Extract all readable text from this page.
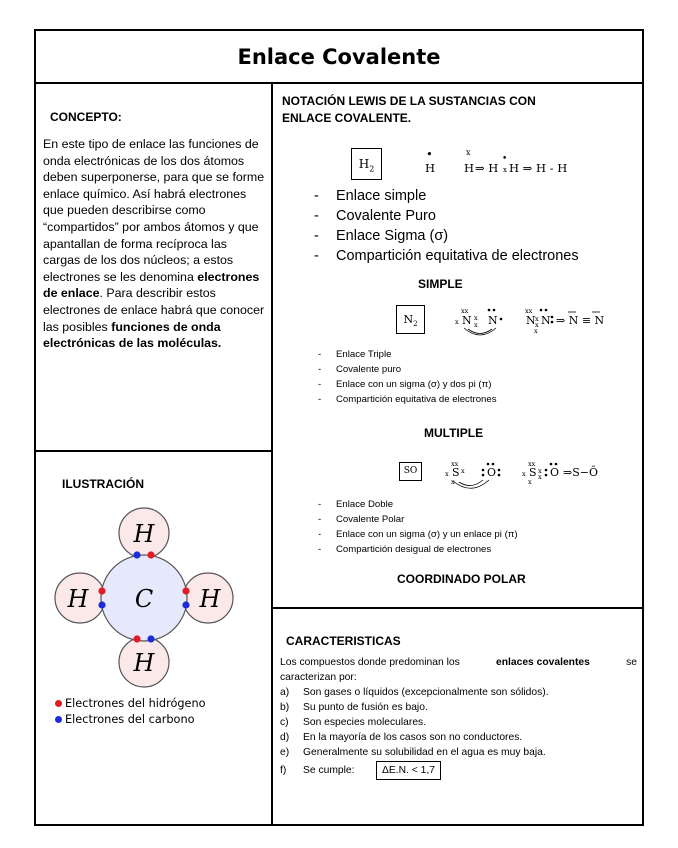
Enlace Covalente
CONCEPTO:
En este tipo de enlace las funciones de
onda electrónicas de los dos átomos
deben superponerse, para que se forme
enlace químico. Así habrá electrones
que pueden describirse como
“compartidos” por ambos átomos y que
apantallan de forma recíproca las
cargas de los dos núcleos; a estos
electrones se les denomina electrones
de enlace. Para describir estos
electrones de enlace habrá que conocer
las posibles funciones de onda
electrónicas de las moléculas.
ILUSTRACIÓN
H
H	H
H
C
Electrones del hidrógeno
Electrones del carbono
NOTACIÓN LEWIS DE LA SUSTANCIAS CON
ENLACE COVALENTE.
$H_2$
•	x
H	H ⇒ H H ⇒ H - H
•
x
- Enlace simple
- Covalente Puro
- Enlace Sigma (σ)
- Compartición equitativa de electrones
SIMPLE
$N_2$	N N	N N
xx
x x
x
xx
x
x
x
⇒ N ≡ N
- Enlace Triple
- Covalente puro
- Enlace con un sigma (σ) y dos pi (π)
- Compartición equitativa de electrones
MULTIPLE
SO	S O	S O
xx
x x
x
xx
x x
x
x
⇒S−Ō
- Enlace Doble
- Covalente Polar
- Enlace con un sigma (σ) y un enlace pi (π)
- Compartición desigual de electrones
COORDINADO POLAR
CARACTERISTICAS
Los compuestos donde predominan los	enlaces covalentes	se
caracterizan por:
a)	Son gases o líquidos (excepcionalmente son sólidos).
b)	Su punto de fusión es bajo.
c)	Son especies moleculares.
d)	En la mayoría de los casos son no conductores.
e)	Generalmente su solubilidad en el agua es muy baja.
f)	Se cumple:	ΔE.N. < 1,7
